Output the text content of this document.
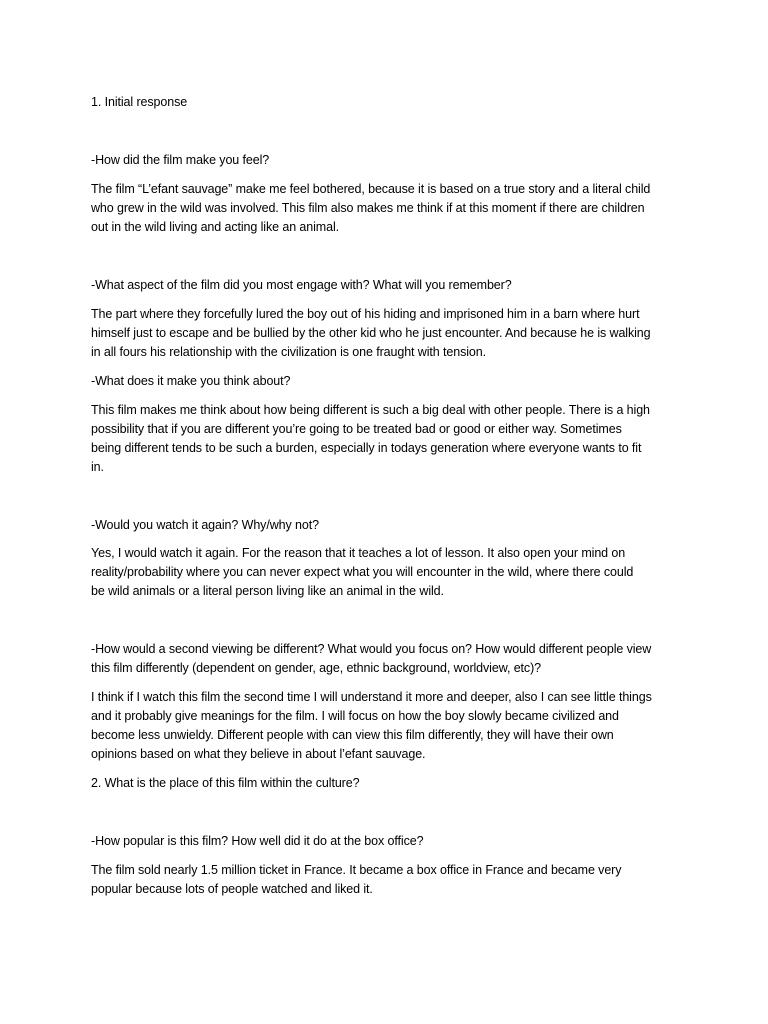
1. Initial response

-How did the film make you feel?

The film “L’efant sauvage” make me feel bothered, because it is based on a true story and a literal child

who grew in the wild was involved. This film also makes me think if at this moment if there are children

out in the wild living and acting like an animal.

-What aspect of the film did you most engage with? What will you remember?

The part where they forcefully lured the boy out of his hiding and imprisoned him in a barn where hurt

himself just to escape and be bullied by the other kid who he just encounter. And because he is walking

in all fours his relationship with the civilization is one fraught with tension.

-What does it make you think about?

This film makes me think about how being different is such a big deal with other people. There is a high

possibility that if you are different you’re going to be treated bad or good or either way. Sometimes

being different tends to be such a burden, especially in todays generation where everyone wants to fit

in.

-Would you watch it again? Why/why not?

Yes, I would watch it again. For the reason that it teaches a lot of lesson. It also open your mind on

reality/probability where you can never expect what you will encounter in the wild, where there could

be wild animals or a literal person living like an animal in the wild.

-How would a second viewing be different? What would you focus on? How would different people view

this film differently (dependent on gender, age, ethnic background, worldview, etc)?

I think if I watch this film the second time I will understand it more and deeper, also I can see little things

and it probably give meanings for the film. I will focus on how the boy slowly became civilized and

become less unwieldy. Different people with can view this film differently, they will have their own

opinions based on what they believe in about l’efant sauvage.

2. What is the place of this film within the culture?

-How popular is this film? How well did it do at the box office?

The film sold nearly 1.5 million ticket in France. It became a box office in France and became very

popular because lots of people watched and liked it.
